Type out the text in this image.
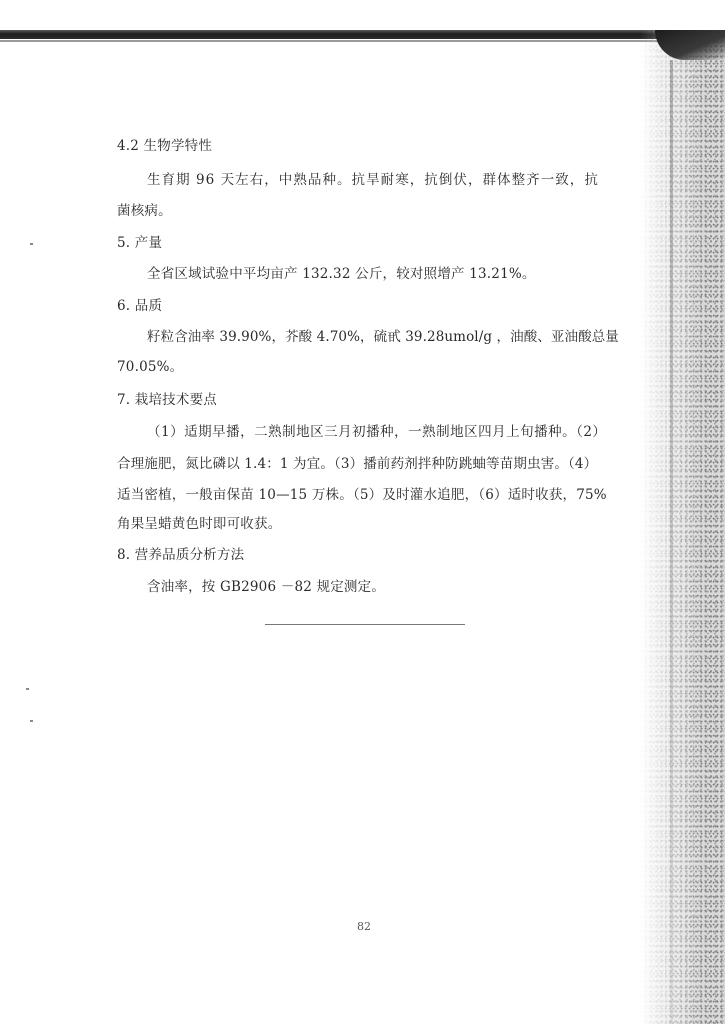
4.2 生物学特性
生育期 96 天左右，中熟品种。抗旱耐寒，抗倒伏，群体整齐一致，抗
菌核病。
5. 产量
全省区域试验中平均亩产 132.32 公斤，较对照增产 13.21%。
6. 品质
籽粒含油率 39.90%，芥酸 4.70%，硫甙 39.28umol/g ，油酸、亚油酸总量
70.05%。
7. 栽培技术要点
（1）适期早播，二熟制地区三月初播种，一熟制地区四月上旬播种。（2）
合理施肥，氮比磷以 1.4：1 为宜。（3）播前药剂拌种防跳蚰等苗期虫害。（4）
适当密植，一般亩保苗 10—15 万株。（5）及时灌水追肥，（6）适时收获，75%
角果呈蜡黄色时即可收获。
8. 营养品质分析方法
含油率，按 GB2906 －82 规定测定。
82
